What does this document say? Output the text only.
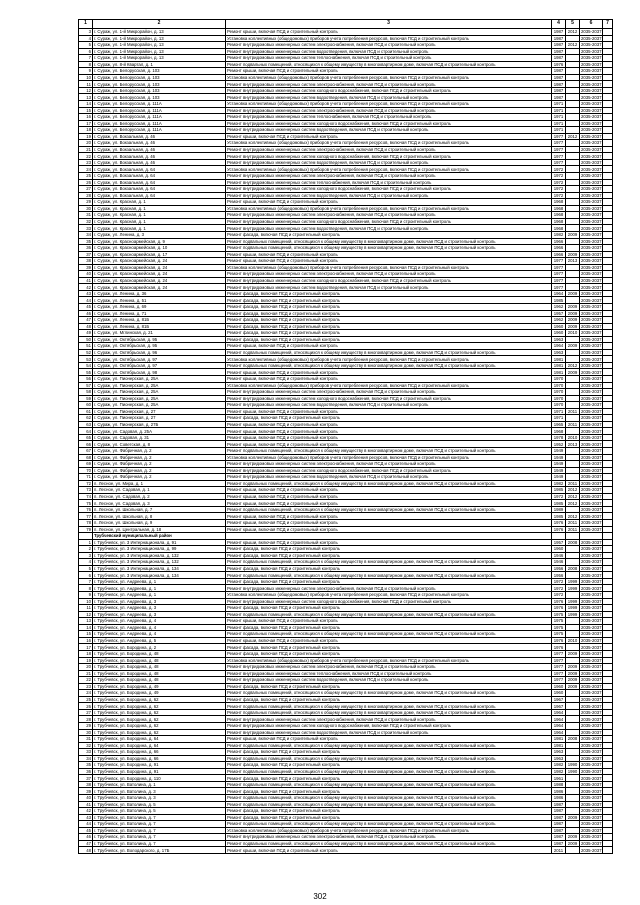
1	2	3	4	5	6	7
3	г. Сураж, ул. 1-й Микрорайон, д. 13	Ремонт крыши, включая ПСД и строительный контроль	1987	2012	2035-2037	
4	г. Сураж, ул. 1-й Микрорайон, д. 13	Установка коллективных (общедомовых) приборов учета потребления ресурсов, включая ПСД и строительный контроль	1987		2035-2037	
5	г. Сураж, ул. 1-й Микрорайон, д. 13	Ремонт внутридомовых инженерных систем электроснабжения, включая ПСД и строительный контроль	1987	2012	2035-2037	
6	г. Сураж, ул. 1-й Микрорайон, д. 13	Ремонт внутридомовых инженерных систем водоотведения, включая ПСД и строительный контроль	1987		2035-2037	
7	г. Сураж, ул. 1-й Микрорайон, д. 13	Ремонт внутридомовых инженерных систем теплоснабжения, включая ПСД и строительный контроль	1987		2035-2037	
8	г. Сураж, ул. 8-й Квартал, д. 1	Ремонт подвальных помещений, относящихся к общему имуществу в многоквартирном доме, включая ПСД и строительный контроль	1976		2035-2037	
9	г. Сураж, ул. Белорусская, д. 103	Ремонт крыши, включая ПСД и строительный контроль	1987		2035-2037	
10	г. Сураж, ул. Белорусская, д. 103	Установка коллективных (общедомовых) приборов учета потребления ресурсов, включая ПСД и строительный контроль	1987		2035-2037	
11	г. Сураж, ул. Белорусская, д. 103	Ремонт внутридомовых инженерных систем электроснабжения, включая ПСД и строительный контроль	1987		2035-2037	
12	г. Сураж, ул. Белорусская, д. 103	Ремонт внутридомовых инженерных систем холодного водоснабжения, включая ПСД и строительный контроль	1987		2035-2037	
13	г. Сураж, ул. Белорусская, д. 103	Ремонт внутридомовых инженерных систем водоотведения, включая ПСД и строительный контроль	1987		2035-2037	
14	г. Сураж, ул. Белорусская, д. 111А	Установка коллективных (общедомовых) приборов учета потребления ресурсов, включая ПСД и строительный контроль	1971		2035-2037	
15	г. Сураж, ул. Белорусская, д. 111А	Ремонт внутридомовых инженерных систем электроснабжения, включая ПСД и строительный контроль	1971		2035-2037	
16	г. Сураж, ул. Белорусская, д. 111А	Ремонт внутридомовых инженерных систем теплоснабжения, включая ПСД и строительный контроль	1971		2035-2037	
17	г. Сураж, ул. Белорусская, д. 111А	Ремонт внутридомовых инженерных систем холодного водоснабжения, включая ПСД и строительный контроль	1971		2035-2037	
18	г. Сураж, ул. Белорусская, д. 111А	Ремонт внутридомовых инженерных систем водоотведения, включая ПСД и строительный контроль	1971		2035-2037	
19	г. Сураж, ул. Вокзальная, д. 46	Ремонт крыши, включая ПСД и строительный контроль	1977	2012	2035-2037	
20	г. Сураж, ул. Вокзальная, д. 46	Установка коллективных (общедомовых) приборов учета потребления ресурсов, включая ПСД и строительный контроль	1977		2035-2037	
21	г. Сураж, ул. Вокзальная, д. 46	Ремонт внутридомовых инженерных систем электроснабжения, включая ПСД и строительный контроль	1977		2035-2037	
22	г. Сураж, ул. Вокзальная, д. 46	Ремонт внутридомовых инженерных систем холодного водоснабжения, включая ПСД и строительный контроль	1977		2035-2037	
23	г. Сураж, ул. Вокзальная, д. 46	Ремонт внутридомовых инженерных систем водоотведения, включая ПСД и строительный контроль	1977		2035-2037	
24	г. Сураж, ул. Вокзальная, д. 64	Установка коллективных (общедомовых) приборов учета потребления ресурсов, включая ПСД и строительный контроль	1972		2035-2037	
25	г. Сураж, ул. Вокзальная, д. 64	Ремонт внутридомовых инженерных систем электроснабжения, включая ПСД и строительный контроль	1972		2035-2037	
26	г. Сураж, ул. Вокзальная, д. 64	Ремонт внутридомовых инженерных систем теплоснабжения, включая ПСД и строительный контроль	1972		2035-2037	
27	г. Сураж, ул. Вокзальная, д. 64	Ремонт внутридомовых инженерных систем холодного водоснабжения, включая ПСД и строительный контроль	1972		2035-2037	
28	г. Сураж, ул. Вокзальная, д. 64	Ремонт внутридомовых инженерных систем водоотведения, включая ПСД и строительный контроль	1972		2035-2037	
29	г. Сураж, ул. Красная, д. 1	Ремонт крыши, включая ПСД и строительный контроль	1968		2035-2037	
30	г. Сураж, ул. Красная, д. 1	Установка коллективных (общедомовых) приборов учета потребления ресурсов, включая ПСД и строительный контроль	1968		2035-2037	
31	г. Сураж, ул. Красная, д. 1	Ремонт внутридомовых инженерных систем электроснабжения, включая ПСД и строительный контроль	1968		2035-2037	
32	г. Сураж, ул. Красная, д. 1	Ремонт внутридомовых инженерных систем холодного водоснабжения, включая ПСД и строительный контроль	1968		2035-2037	
33	г. Сураж, ул. Красная, д. 1	Ремонт внутридомовых инженерных систем водоотведения, включая ПСД и строительный контроль	1968		2035-2037	
34	г. Сураж, ул. Ленина, д. 3	Ремонт фасада, включая ПСД и строительный контроль	1982	2009	2035-2037	
35	г. Сураж, ул. Красноармейская, д. 9	Ремонт подвальных помещений, относящихся к общему имуществу в многоквартирном доме, включая ПСД и строительный контроль	1966		2035-2037	
36	г. Сураж, ул. Красноармейская, д. 10	Ремонт подвальных помещений, относящихся к общему имуществу в многоквартирном доме, включая ПСД и строительный контроль	1966		2035-2037	
37	г. Сураж, ул. Красноармейская, д. 17	Ремонт крыши, включая ПСД и строительный контроль	1966	2009	2035-2037	
38	г. Сураж, ул. Красноармейская, д. 24	Ремонт крыши, включая ПСД и строительный контроль	1977	2013	2035-2037	
39	г. Сураж, ул. Красноармейская, д. 24	Установка коллективных (общедомовых) приборов учета потребления ресурсов, включая ПСД и строительный контроль	1977		2035-2037	
40	г. Сураж, ул. Красноармейская, д. 24	Ремонт внутридомовых инженерных систем электроснабжения, включая ПСД и строительный контроль	1977		2035-2037	
41	г. Сураж, ул. Красноармейская, д. 24	Ремонт внутридомовых инженерных систем холодного водоснабжения, включая ПСД и строительный контроль	1977		2035-2037	
42	г. Сураж, ул. Красноармейская, д. 24	Ремонт внутридомовых инженерных систем водоотведения, включая ПСД и строительный контроль	1977		2035-2037	
43	г. Сураж, ул. Ленина, д. 36	Ремонт фасада, включая ПСД и строительный контроль	1964	2009	2035-2037	
44	г. Сураж, ул. Ленина, д. 51	Ремонт фасада, включая ПСД и строительный контроль	1985		2035-2037	
45	г. Сураж, ул. Ленина, д. 69	Ремонт фасада, включая ПСД и строительный контроль	1962	2009	2035-2037	
46	г. Сураж, ул. Ленина, д. 71	Ремонт фасада, включая ПСД и строительный контроль	1957	2009	2035-2037	
47	г. Сураж, ул. Ленина, д. 81Б	Ремонт фасада, включая ПСД и строительный контроль	1962	2009	2035-2037	
48	г. Сураж, ул. Ленина, д. 81Б	Ремонт фасада, включая ПСД и строительный контроль	1960	2009	2035-2037	
49	г. Сураж, ул. Мглинская, д. 21	Ремонт фасада, включая ПСД и строительный контроль	1960	2010	2035-2037	
50	г. Сураж, ул. Октябрьская, д. 95	Ремонт фасада, включая ПСД и строительный контроль	1963		2035-2037	
51	г. Сураж, ул. Октябрьская, д. 95	Ремонт крыши, включая ПСД и строительный контроль	1964	2009	2035-2037	
52	г. Сураж, ул. Октябрьская, д. 96	Ремонт подвальных помещений, относящихся к общему имуществу в многоквартирном доме, включая ПСД и строительный контроль	1963		2035-2037	
53	г. Сураж, ул. Октябрьская, д. 97	Установка коллективных (общедомовых) приборов учета потребления ресурсов, включая ПСД и строительный контроль	1981		2035-2037	
54	г. Сураж, ул. Октябрьская, д. 97	Ремонт подвальных помещений, относящихся к общему имуществу в многоквартирном доме, включая ПСД и строительный контроль	1981	2012	2035-2037	
55	г. Сураж, ул. Октябрьская, д. 98	Ремонт крыши, включая ПСД и строительный контроль	1981	2009	2035-2037	
56	г. Сураж, ул. Пионерская, д. 25А	Ремонт крыши, включая ПСД и строительный контроль	1970		2035-2037	
57	г. Сураж, ул. Пионерская, д. 25А	Установка коллективных (общедомовых) приборов учета потребления ресурсов, включая ПСД и строительный контроль	1970		2035-2037	
58	г. Сураж, ул. Пионерская, д. 25А	Ремонт внутридомовых инженерных систем электроснабжения, включая ПСД и строительный контроль	1970		2035-2037	
59	г. Сураж, ул. Пионерская, д. 25А	Ремонт внутридомовых инженерных систем холодного водоснабжения, включая ПСД и строительный контроль	1970		2035-2037	
60	г. Сураж, ул. Пионерская, д. 25А	Ремонт внутридомовых инженерных систем водоотведения, включая ПСД и строительный контроль	1970		2035-2037	
61	г. Сураж, ул. Пионерская, д. 27	Ремонт крыши, включая ПСД и строительный контроль	1971	2011	2035-2037	
62	г. Сураж, ул. Пионерская, д. 27	Ремонт фасада, включая ПСД и строительный контроль	1971		2035-2037	
63	г. Сураж, ул. Пионерская, д. 27Б	Ремонт крыши, включая ПСД и строительный контроль	1965	2011	2035-2037	
64	г. Сураж, ул. Садовая, д. 25А	Ремонт крыши, включая ПСД и строительный контроль	1968		2035-2037	
65	г. Сураж, ул. Садовая, д. 31	Ремонт крыши, включая ПСД и строительный контроль	1978	2010	2035-2037	
66	г. Сураж, ул. Советская, д. 8	Ремонт крыши, включая ПСД и строительный контроль	1952	2013	2035-2037	
67	г. Сураж, ул. Фабричная, д. 2	Ремонт подвальных помещений, относящихся к общему имуществу в многоквартирном доме, включая ПСД и строительный контроль	1949		2035-2037	
68	г. Сураж, ул. Фабричная, д. 2	Установка коллективных (общедомовых) приборов учета потребления ресурсов, включая ПСД и строительный контроль	1949		2035-2037	
69	г. Сураж, ул. Фабричная, д. 2	Ремонт внутридомовых инженерных систем электроснабжения, включая ПСД и строительный контроль	1949		2035-2037	
70	г. Сураж, ул. Фабричная, д. 2	Ремонт внутридомовых инженерных систем холодного водоснабжения, включая ПСД и строительный контроль	1949		2035-2037	
71	г. Сураж, ул. Фабричная, д. 2	Ремонт внутридомовых инженерных систем водоотведения, включая ПСД и строительный контроль	1949		2035-2037	
72	п. Лесное, ул. Мира, д. 1	Ремонт подвальных помещений, относящихся к общему имуществу в многоквартирном доме, включая ПСД и строительный контроль	1982	2011	2035-2037	
73	п. Лесное, ул. Садовая, д. 1	Ремонт крыши, включая ПСД и строительный контроль	1985	2012	2035-2037	
74	п. Лесное, ул. Садовая, д. 2	Ремонт крыши, включая ПСД и строительный контроль	1972	2012	2035-2037	
75	п. Лесное, ул. Садовая, д. 3	Ремонт крыши, включая ПСД и строительный контроль	1985	2012	2035-2037	
76	п. Лесное, ул. Школьная, д. 7	Ремонт подвальных помещений, относящихся к общему имуществу в многоквартирном доме, включая ПСД и строительный контроль	1989		2035-2037	
77	п. Лесное, ул. Школьная, д. 8	Ремонт крыши, включая ПСД и строительный контроль	1985	2012	2035-2037	
78	п. Лесное, ул. Школьная, д. 9	Ремонт крыши, включая ПСД и строительный контроль	1976	2011	2035-2037	
79	п. Лесное, ул. Центральная, д. 18	Ремонт крыши, включая ПСД и строительный контроль	1976	2011	2035-2037	
	Трубчевский муниципальный район					
1	г. Трубчевск, ул. 3 Интернационала, д. 91	Ремонт крыши, включая ПСД и строительный контроль	1957	2008	2035-2037	
2	г. Трубчевск, ул. 3 Интернационала, д. 99	Ремонт фасада, включая ПСД и строительный контроль	1960		2035-2037	
3	г. Трубчевск, ул. 3 Интернационала, д. 132	Ремонт фасада, включая ПСД и строительный контроль	1946		2035-2037	
4	г. Трубчевск, ул. 3 Интернационала, д. 132	Ремонт подвальных помещений, относящихся к общему имуществу в многоквартирном доме, включая ПСД и строительный контроль	1946		2035-2037	
5	г. Трубчевск, ул. 3 Интернационала, д. 134	Ремонт фасада, включая ПСД и строительный контроль	1956	2008	2035-2037	
6	г. Трубчевск, ул. 3 Интернационала, д. 134	Ремонт подвальных помещений, относящихся к общему имуществу в многоквартирном доме, включая ПСД и строительный контроль	1956		2035-2037	
7	г. Трубчевск, ул. Андреева, д. 1	Ремонт фасада, включая ПСД и строительный контроль	1972	1999	2035-2037	
8	г. Трубчевск, ул. Андреева, д. 1	Ремонт внутридомовых инженерных систем электроснабжения, включая ПСД и строительный контроль	1972	1999	2035-2037	
9	г. Трубчевск, ул. Андреева, д. 1	Установка коллективных (общедомовых) приборов учета потребления ресурсов, включая ПСД и строительный контроль	1972		2035-2037	
10	г. Трубчевск, ул. Андреева, д. 3	Ремонт внутридомовых инженерных систем холодного водоснабжения, включая ПСД и строительный контроль	1976	1999	2035-2037	
11	г. Трубчевск, ул. Андреева, д. 3	Ремонт фасада, включая ПСД и строительный контроль	1976	1999	2035-2037	
12	г. Трубчевск, ул. Андреева, д. 3	Ремонт подвальных помещений, относящихся к общему имуществу в многоквартирном доме, включая ПСД и строительный контроль	1975	1999	2035-2037	
13	г. Трубчевск, ул. Андреева, д. 4	Ремонт крыши, включая ПСД и строительный контроль	1975		2035-2037	
14	г. Трубчевск, ул. Андреева, д. 4	Ремонт фасада, включая ПСД и строительный контроль	1975		2035-2037	
15	г. Трубчевск, ул. Андреева, д. 4	Ремонт подвальных помещений, относящихся к общему имуществу в многоквартирном доме, включая ПСД и строительный контроль	1975		2035-2037	
16	г. Трубчевск, ул. Андреева, д. 5	Ремонт крыши, включая ПСД и строительный контроль	1976	2010	2035-2037	
17	г. Трубчевск, ул. Бородина, д. 2	Ремонт фасада, включая ПСД и строительный контроль	1976		2035-2037	
18	г. Трубчевск, ул. Бородина, д. 48	Ремонт фасада, включая ПСД и строительный контроль	1977	2009	2035-2037	
19	г. Трубчевск, ул. Бородина, д. 48	Установка коллективных (общедомовых) приборов учета потребления ресурсов, включая ПСД и строительный контроль	1977		2035-2037	
20	г. Трубчевск, ул. Бородина, д. 48	Ремонт внутридомовых инженерных систем электроснабжения, включая ПСД и строительный контроль	1977	2009	2035-2037	
21	г. Трубчевск, ул. Бородина, д. 48	Ремонт внутридомовых инженерных систем теплоснабжения, включая ПСД и строительный контроль	1977	2009	2035-2037	
22	г. Трубчевск, ул. Бородина, д. 48	Ремонт внутридомовых инженерных систем водоотведения, включая ПСД и строительный контроль	1977	2009	2035-2037	
23	г. Трубчевск, ул. Бородина, д. 49	Ремонт фасада, включая ПСД и строительный контроль	1960	2009	2035-2037	
24	г. Трубчевск, ул. Бородина, д. 49	Ремонт подвальных помещений, относящихся к общему имуществу в многоквартирном доме, включая ПСД и строительный контроль	1960		2035-2037	
25	г. Трубчевск, ул. Бородина, д. 62	Ремонт фасада, включая ПСД и строительный контроль	1967		2035-2037	
26	г. Трубчевск, ул. Бородина, д. 62	Ремонт подвальных помещений, относящихся к общему имуществу в многоквартирном доме, включая ПСД и строительный контроль	1967		2035-2037	
27	г. Трубчевск, ул. Бородина, д. 62	Ремонт подвальных помещений, относящихся к общему имуществу в многоквартирном доме, включая ПСД и строительный контроль	1964		2035-2037	
28	г. Трубчевск, ул. Бородина, д. 62	Ремонт внутридомовых инженерных систем электроснабжения, включая ПСД и строительный контроль	1964		2035-2037	
29	г. Трубчевск, ул. Бородина, д. 62	Ремонт внутридомовых инженерных систем холодного водоснабжения, включая ПСД и строительный контроль	1964		2035-2037	
30	г. Трубчевск, ул. Бородина, д. 62	Ремонт внутридомовых инженерных систем водоотведения, включая ПСД и строительный контроль	1964		2035-2037	
31	г. Трубчевск, ул. Бородина, д. 64	Ремонт крыши, включая ПСД и строительный контроль	1981	2008	2035-2037	
32	г. Трубчевск, ул. Бородина, д. 64	Ремонт подвальных помещений, относящихся к общему имуществу в многоквартирном доме, включая ПСД и строительный контроль	1981		2035-2037	
33	г. Трубчевск, ул. Бородина, д. 66	Ремонт фасада, включая ПСД и строительный контроль	1963		2035-2037	
34	г. Трубчевск, ул. Бородина, д. 66	Ремонт подвальных помещений, относящихся к общему имуществу в многоквартирном доме, включая ПСД и строительный контроль	1963		2035-2037	
35	г. Трубчевск, ул. Бородина, д. 91	Ремонт фасада, включая ПСД и строительный контроль	1982	1990	2035-2037	
36	г. Трубчевск, ул. Бородина, д. 91	Ремонт подвальных помещений, относящихся к общему имуществу в многоквартирном доме, включая ПСД и строительный контроль	1982	1990	2035-2037	
37	г. Трубчевск, ул. Бородина, д. 110	Ремонт фасада, включая ПСД и строительный контроль	1961		2035-2037	
38	г. Трубчевск, ул. Ватолина, д. 1	Ремонт подвальных помещений, относящихся к общему имуществу в многоквартирном доме, включая ПСД и строительный контроль	1988		2035-2037	
39	г. Трубчевск, ул. Ватолина, д. 3	Ремонт фасада, включая ПСД и строительный контроль	1986		2035-2037	
40	г. Трубчевск, ул. Ватолина, д. 3	Ремонт подвальных помещений, относящихся к общему имуществу в многоквартирном доме, включая ПСД и строительный контроль	1986		2035-2037	
41	г. Трубчевск, ул. Ватолина, д. 5	Ремонт подвальных помещений, относящихся к общему имуществу в многоквартирном доме, включая ПСД и строительный контроль	1987		2035-2037	
42	г. Трубчевск, ул. Ватолина, д. 5	Ремонт фасада, включая ПСД и строительный контроль	1987		2035-2037	
43	г. Трубчевск, ул. Ватолина, д. 7	Ремонт фасада, включая ПСД и строительный контроль	1987	2009	2035-2037	
44	г. Трубчевск, ул. Ватолина, д. 7	Ремонт подвальных помещений, относящихся к общему имуществу в многоквартирном доме, включая ПСД и строительный контроль	1987		2035-2037	
45	г. Трубчевск, ул. Ватолина, д. 7	Установка коллективных (общедомовых) приборов учета потребления ресурсов, включая ПСД и строительный контроль	1987		2035-2037	
46	г. Трубчевск, ул. Ватолина, д. 7	Ремонт внутридомовых инженерных систем электроснабжения, включая ПСД и строительный контроль	1987	2009	2035-2037	
47	г. Трубчевск, ул. Ватолина, д. 7	Ремонт подвальных помещений, относящихся к общему имуществу в многоквартирном доме, включая ПСД и строительный контроль	1987	2009	2035-2037	
48	г. Трубчевск, ул. Володарского, д. 17Б	Ремонт крыши, включая ПСД и строительный контроль	2011		2035-2037	
302
